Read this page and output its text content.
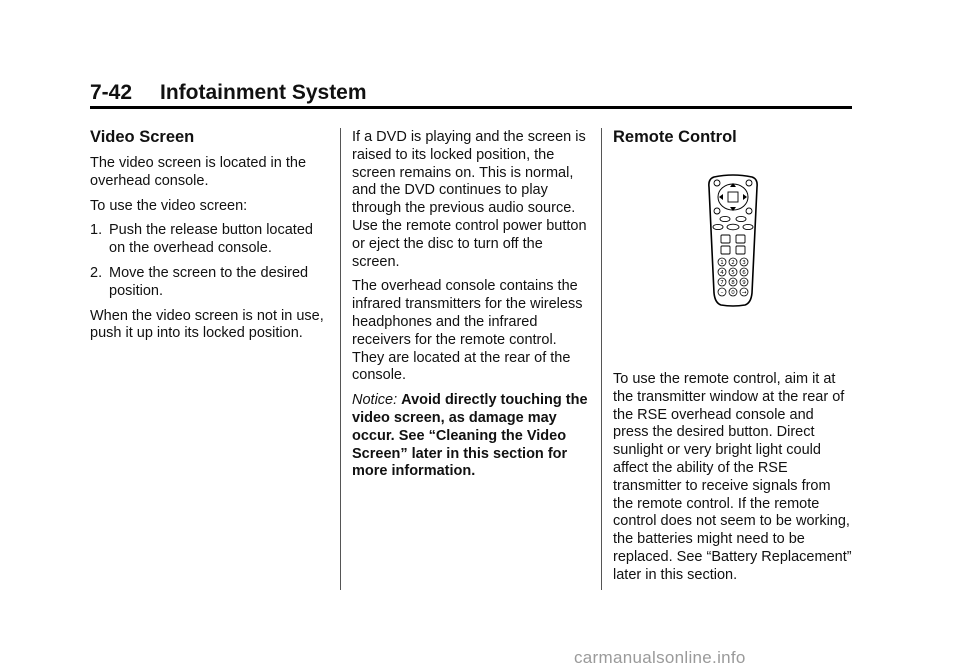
7-42 Infotainment System
Video Screen

The video screen is located in the overhead console.

To use the video screen:

1. Push the release button located on the overhead console.
2. Move the screen to the desired position.

When the video screen is not in use, push it up into its locked position.

If a DVD is playing and the screen is raised to its locked position, the screen remains on. This is normal, and the DVD continues to play through the previous audio source. Use the remote control power button or eject the disc to turn off the screen.

The overhead console contains the infrared transmitters for the wireless headphones and the infrared receivers for the remote control. They are located at the rear of the console.

Notice: Avoid directly touching the video screen, as damage may occur. See “Cleaning the Video Screen” later in this section for more information.

Remote Control
1 2 3
4 5 6
7 8 9
– 0 →

To use the remote control, aim it at the transmitter window at the rear of the RSE overhead console and press the desired button. Direct sunlight or very bright light could affect the ability of the RSE transmitter to receive signals from the remote control. If the remote control does not seem to be working, the batteries might need to be replaced. See “Battery Replacement” later in this section.

carmanualsonline.info
